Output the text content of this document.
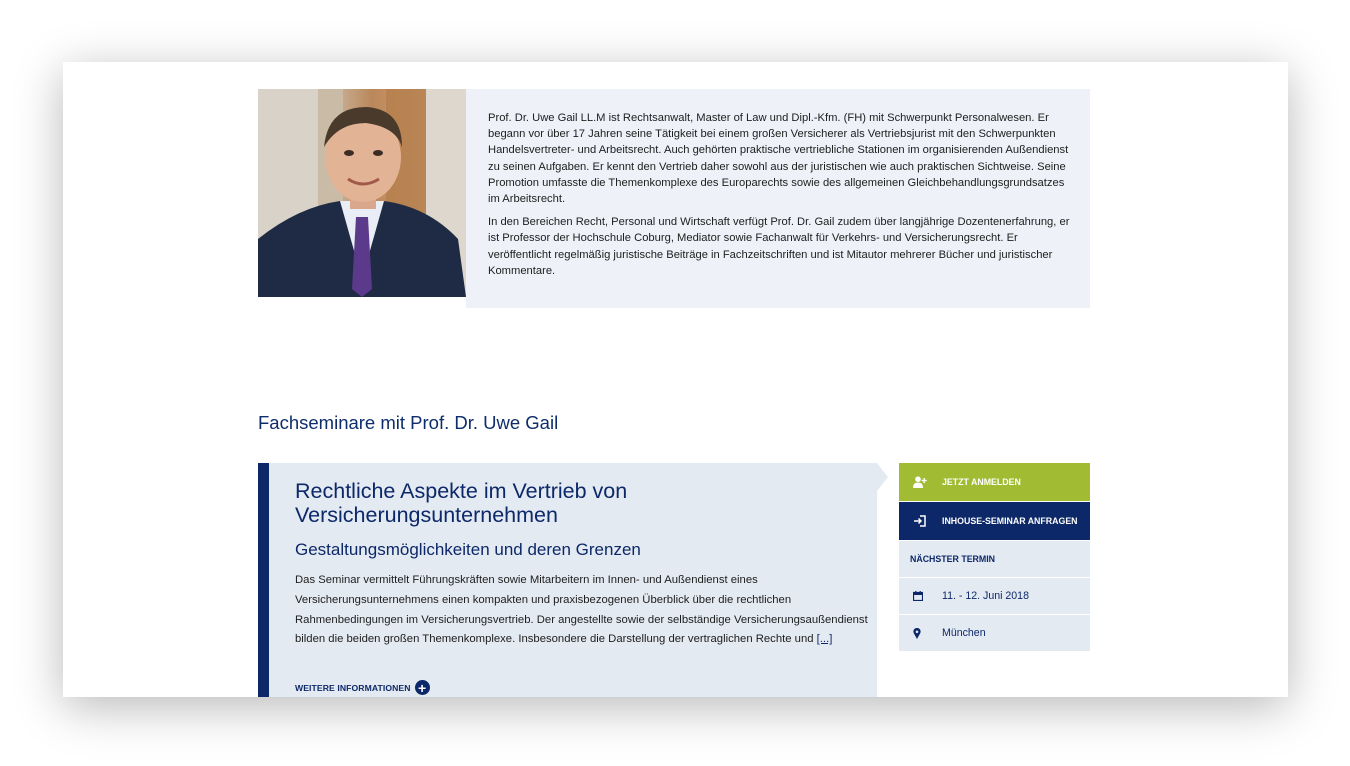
Prof. Dr. Uwe Gail LL.M ist Rechtsanwalt, Master of Law und Dipl.-Kfm. (FH) mit Schwerpunkt Personalwesen. Er begann vor über 17 Jahren seine Tätigkeit bei einem großen Versicherer als Vertriebsjurist mit den Schwerpunkten Handelsvertreter- und Arbeitsrecht. Auch gehörten praktische vertriebliche Stationen im organisierenden Außendienst zu seinen Aufgaben. Er kennt den Vertrieb daher sowohl aus der juristischen wie auch praktischen Sichtweise. Seine Promotion umfasste die Themenkomplexe des Europarechts sowie des allgemeinen Gleichbehandlungsgrundsatzes im Arbeitsrecht.

In den Bereichen Recht, Personal und Wirtschaft verfügt Prof. Dr. Gail zudem über langjährige Dozentenerfahrung, er ist Professor der Hochschule Coburg, Mediator sowie Fachanwalt für Verkehrs- und Versicherungsrecht. Er veröffentlicht regelmäßig juristische Beiträge in Fachzeitschriften und ist Mitautor mehrerer Bücher und juristischer Kommentare.

Fachseminare mit Prof. Dr. Uwe Gail
Rechtliche Aspekte im Vertrieb von Versicherungsunternehmen
Gestaltungsmöglichkeiten und deren Grenzen

Das Seminar vermittelt Führungskräften sowie Mitarbeitern im Innen- und Außendienst eines Versicherungsunternehmens einen kompakten und praxisbezogenen Überblick über die rechtlichen Rahmenbedingungen im Versicherungsvertrieb. Der angestellte sowie der selbständige Versicherungsaußendienst bilden die beiden großen Themenkomplexe. Insbesondere die Darstellung der vertraglichen Rechte und [...]

WEITERE INFORMATIONEN +
JETZT ANMELDEN
INHOUSE-SEMINAR ANFRAGEN
NÄCHSTER TERMIN
11. - 12. Juni 2018
München
